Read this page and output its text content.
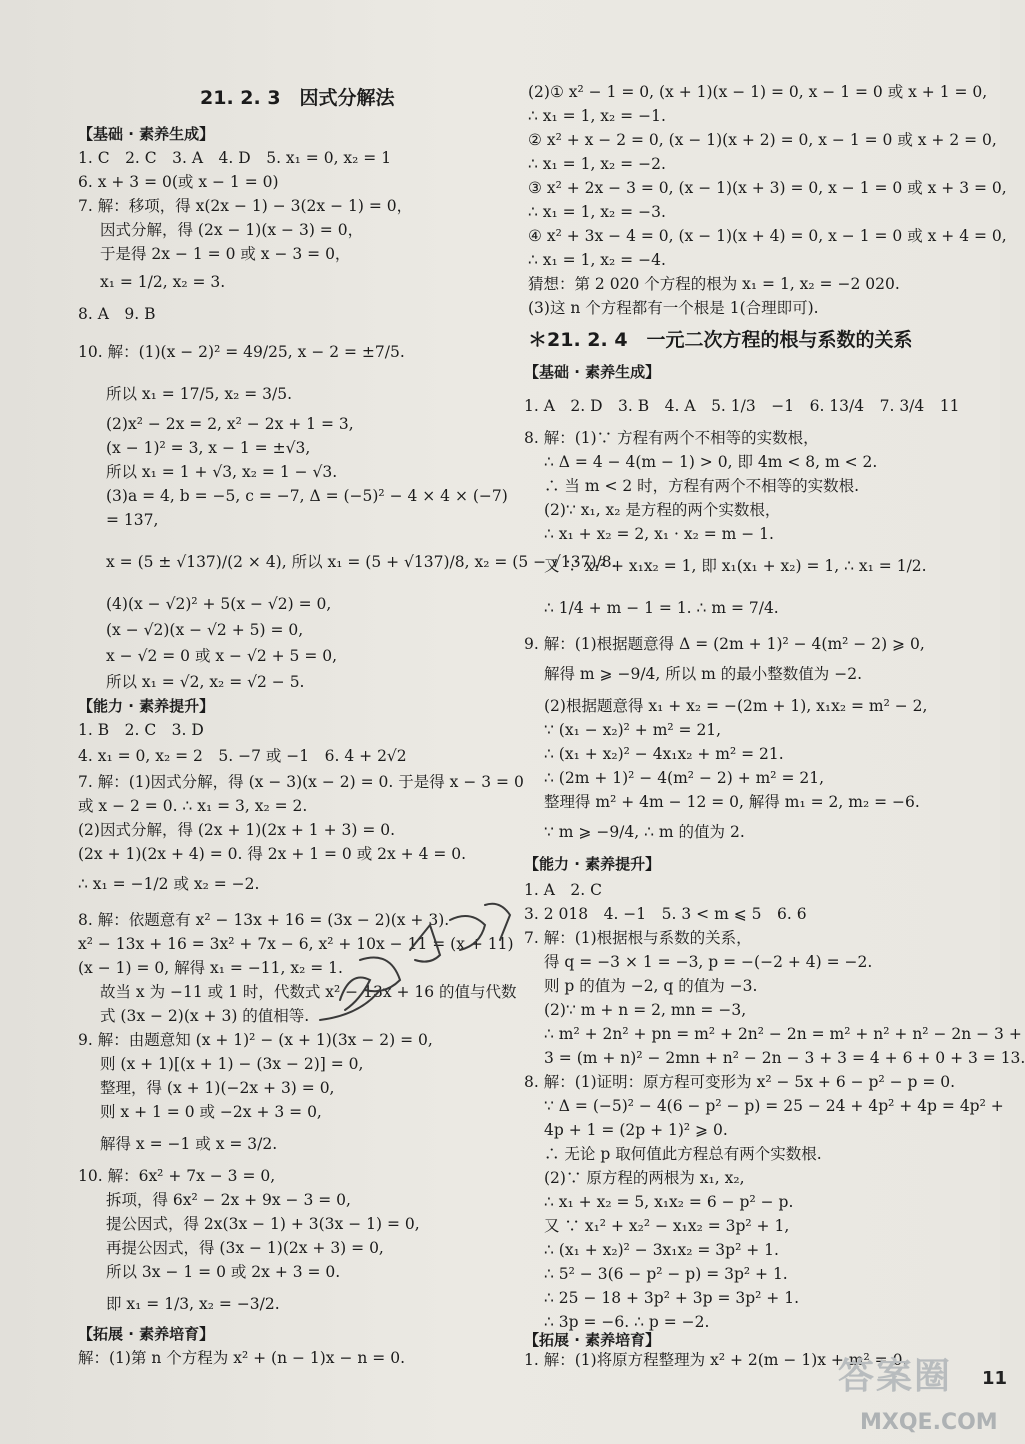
21. 2. 3　因式分解法
【基础 · 素养生成】
1. C　2. C　3. A　4. D　5. x₁ = 0, x₂ = 1
6. x + 3 = 0(或 x − 1 = 0)
7. 解：移项，得 x(2x − 1) − 3(2x − 1) = 0，
因式分解，得 (2x − 1)(x − 3) = 0，
于是得 2x − 1 = 0 或 x − 3 = 0，
x₁ = 1/2, x₂ = 3.
8. A　9. B
10. 解：(1)(x − 2)² = 49/25, x − 2 = ±7/5.
所以 x₁ = 17/5, x₂ = 3/5.
(2)x² − 2x = 2, x² − 2x + 1 = 3,
(x − 1)² = 3, x − 1 = ±√3,
所以 x₁ = 1 + √3, x₂ = 1 − √3.
(3)a = 4, b = −5, c = −7, Δ = (−5)² − 4 × 4 × (−7)
= 137,
x = (5 ± √137)/(2 × 4), 所以 x₁ = (5 + √137)/8, x₂ = (5 − √137)/8.
(4)(x − √2)² + 5(x − √2) = 0,
(x − √2)(x − √2 + 5) = 0,
x − √2 = 0 或 x − √2 + 5 = 0,
所以 x₁ = √2, x₂ = √2 − 5.
【能力 · 素养提升】
1. B　2. C　3. D
4. x₁ = 0, x₂ = 2　5. −7 或 −1　6. 4 + 2√2
7. 解：(1)因式分解，得 (x − 3)(x − 2) = 0. 于是得 x − 3 = 0
或 x − 2 = 0. ∴ x₁ = 3, x₂ = 2.
(2)因式分解，得 (2x + 1)(2x + 1 + 3) = 0.
(2x + 1)(2x + 4) = 0. 得 2x + 1 = 0 或 2x + 4 = 0.
∴ x₁ = −1/2 或 x₂ = −2.
8. 解：依题意有 x² − 13x + 16 = (3x − 2)(x + 3).
x² − 13x + 16 = 3x² + 7x − 6, x² + 10x − 11 = (x + 11)
(x − 1) = 0, 解得 x₁ = −11, x₂ = 1.
故当 x 为 −11 或 1 时，代数式 x² − 13x + 16 的值与代数
式 (3x − 2)(x + 3) 的值相等.
9. 解：由题意知 (x + 1)² − (x + 1)(3x − 2) = 0,
则 (x + 1)[(x + 1) − (3x − 2)] = 0,
整理，得 (x + 1)(−2x + 3) = 0,
则 x + 1 = 0 或 −2x + 3 = 0,
解得 x = −1 或 x = 3/2.
10. 解：6x² + 7x − 3 = 0,
拆项，得 6x² − 2x + 9x − 3 = 0,
提公因式，得 2x(3x − 1) + 3(3x − 1) = 0,
再提公因式，得 (3x − 1)(2x + 3) = 0,
所以 3x − 1 = 0 或 2x + 3 = 0.
即 x₁ = 1/3, x₂ = −3/2.
【拓展 · 素养培育】
解：(1)第 n 个方程为 x² + (n − 1)x − n = 0.
(2)① x² − 1 = 0, (x + 1)(x − 1) = 0, x − 1 = 0 或 x + 1 = 0,
∴ x₁ = 1, x₂ = −1.
② x² + x − 2 = 0, (x − 1)(x + 2) = 0, x − 1 = 0 或 x + 2 = 0,
∴ x₁ = 1, x₂ = −2.
③ x² + 2x − 3 = 0, (x − 1)(x + 3) = 0, x − 1 = 0 或 x + 3 = 0,
∴ x₁ = 1, x₂ = −3.
④ x² + 3x − 4 = 0, (x − 1)(x + 4) = 0, x − 1 = 0 或 x + 4 = 0,
∴ x₁ = 1, x₂ = −4.
猜想：第 2 020 个方程的根为 x₁ = 1, x₂ = −2 020.
(3)这 n 个方程都有一个根是 1(合理即可).
＊21. 2. 4　一元二次方程的根与系数的关系
【基础 · 素养生成】
1. A　2. D　3. B　4. A　5. 1/3　−1　6. 13/4　7. 3/4　11
8. 解：(1)∵ 方程有两个不相等的实数根，
∴ Δ = 4 − 4(m − 1) > 0, 即 4m < 8, m < 2.
∴ 当 m < 2 时，方程有两个不相等的实数根.
(2)∵ x₁, x₂ 是方程的两个实数根，
∴ x₁ + x₂ = 2, x₁ · x₂ = m − 1.
又 ∵ x₁² + x₁x₂ = 1, 即 x₁(x₁ + x₂) = 1, ∴ x₁ = 1/2.
∴ 1/4 + m − 1 = 1. ∴ m = 7/4.
9. 解：(1)根据题意得 Δ = (2m + 1)² − 4(m² − 2) ⩾ 0,
解得 m ⩾ −9/4, 所以 m 的最小整数值为 −2.
(2)根据题意得 x₁ + x₂ = −(2m + 1), x₁x₂ = m² − 2,
∵ (x₁ − x₂)² + m² = 21,
∴ (x₁ + x₂)² − 4x₁x₂ + m² = 21.
∴ (2m + 1)² − 4(m² − 2) + m² = 21,
整理得 m² + 4m − 12 = 0, 解得 m₁ = 2, m₂ = −6.
∵ m ⩾ −9/4, ∴ m 的值为 2.
【能力 · 素养提升】
1. A　2. C
3. 2 018　4. −1　5. 3 < m ⩽ 5　6. 6
7. 解：(1)根据根与系数的关系，
得 q = −3 × 1 = −3, p = −(−2 + 4) = −2.
则 p 的值为 −2, q 的值为 −3.
(2)∵ m + n = 2, mn = −3,
∴ m² + 2n² + pn = m² + 2n² − 2n = m² + n² + n² − 2n − 3 +
3 = (m + n)² − 2mn + n² − 2n − 3 + 3 = 4 + 6 + 0 + 3 = 13.
8. 解：(1)证明：原方程可变形为 x² − 5x + 6 − p² − p = 0.
∵ Δ = (−5)² − 4(6 − p² − p) = 25 − 24 + 4p² + 4p = 4p² +
4p + 1 = (2p + 1)² ⩾ 0.
∴ 无论 p 取何值此方程总有两个实数根.
(2)∵ 原方程的两根为 x₁, x₂,
∴ x₁ + x₂ = 5, x₁x₂ = 6 − p² − p.
又 ∵ x₁² + x₂² − x₁x₂ = 3p² + 1,
∴ (x₁ + x₂)² − 3x₁x₂ = 3p² + 1.
∴ 5² − 3(6 − p² − p) = 3p² + 1.
∴ 25 − 18 + 3p² + 3p = 3p² + 1.
∴ 3p = −6. ∴ p = −2.
【拓展 · 素养培育】
1. 解：(1)将原方程整理为 x² + 2(m − 1)x + m² = 0.
答案圈
MXQE.COM
11
